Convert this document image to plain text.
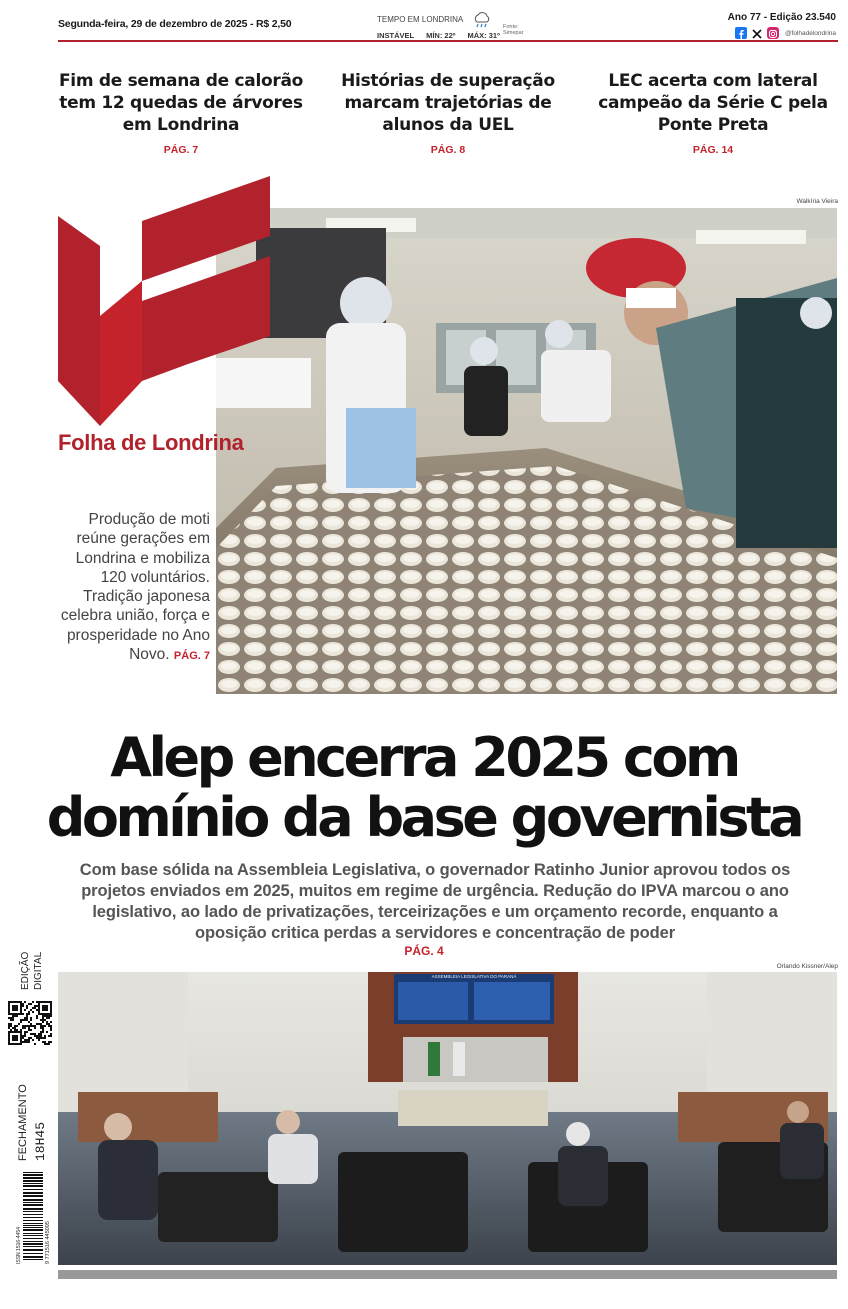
Segunda-feira, 29 de dezembro de 2025 - R$ 2,50	TEMPO EM LONDRINA
INSTÁVEL MÍN: 22º MÁX: 31º
Fonte: Simepar
Ano 77 - Edição 23.540
@folhadelondrina
Fim de semana de calorão tem 12 quedas de árvores em Londrina
PÁG. 7
Histórias de superação marcam trajetórias de alunos da UEL
PÁG. 8
LEC acerta com lateral campeão da Série C pela Ponte Preta
PÁG. 14
Walkíria Vieira
Folha de Londrina
Produção de moti reúne gerações em Londrina e mobiliza 120 voluntários. Tradição japonesa celebra união, força e prosperidade no Ano Novo. PÁG. 7
Alep encerra 2025 com domínio da base governista
Com base sólida na Assembleia Legislativa, o governador Ratinho Junior aprovou todos os projetos enviados em 2025, muitos em regime de urgência. Redução do IPVA marcou o ano legislativo, ao lado de privatizações, terceirizações e um orçamento recorde, enquanto a oposição critica perdas a servidores e concentração de poder
PÁG. 4
EDIÇÃO DIGITAL
FECHAMENTO 18H45
ISSN 1516-4454	9 771516 445005
Orlando Kissner/Alep
ASSEMBLEIA LEGISLATIVA DO PARANÁ
